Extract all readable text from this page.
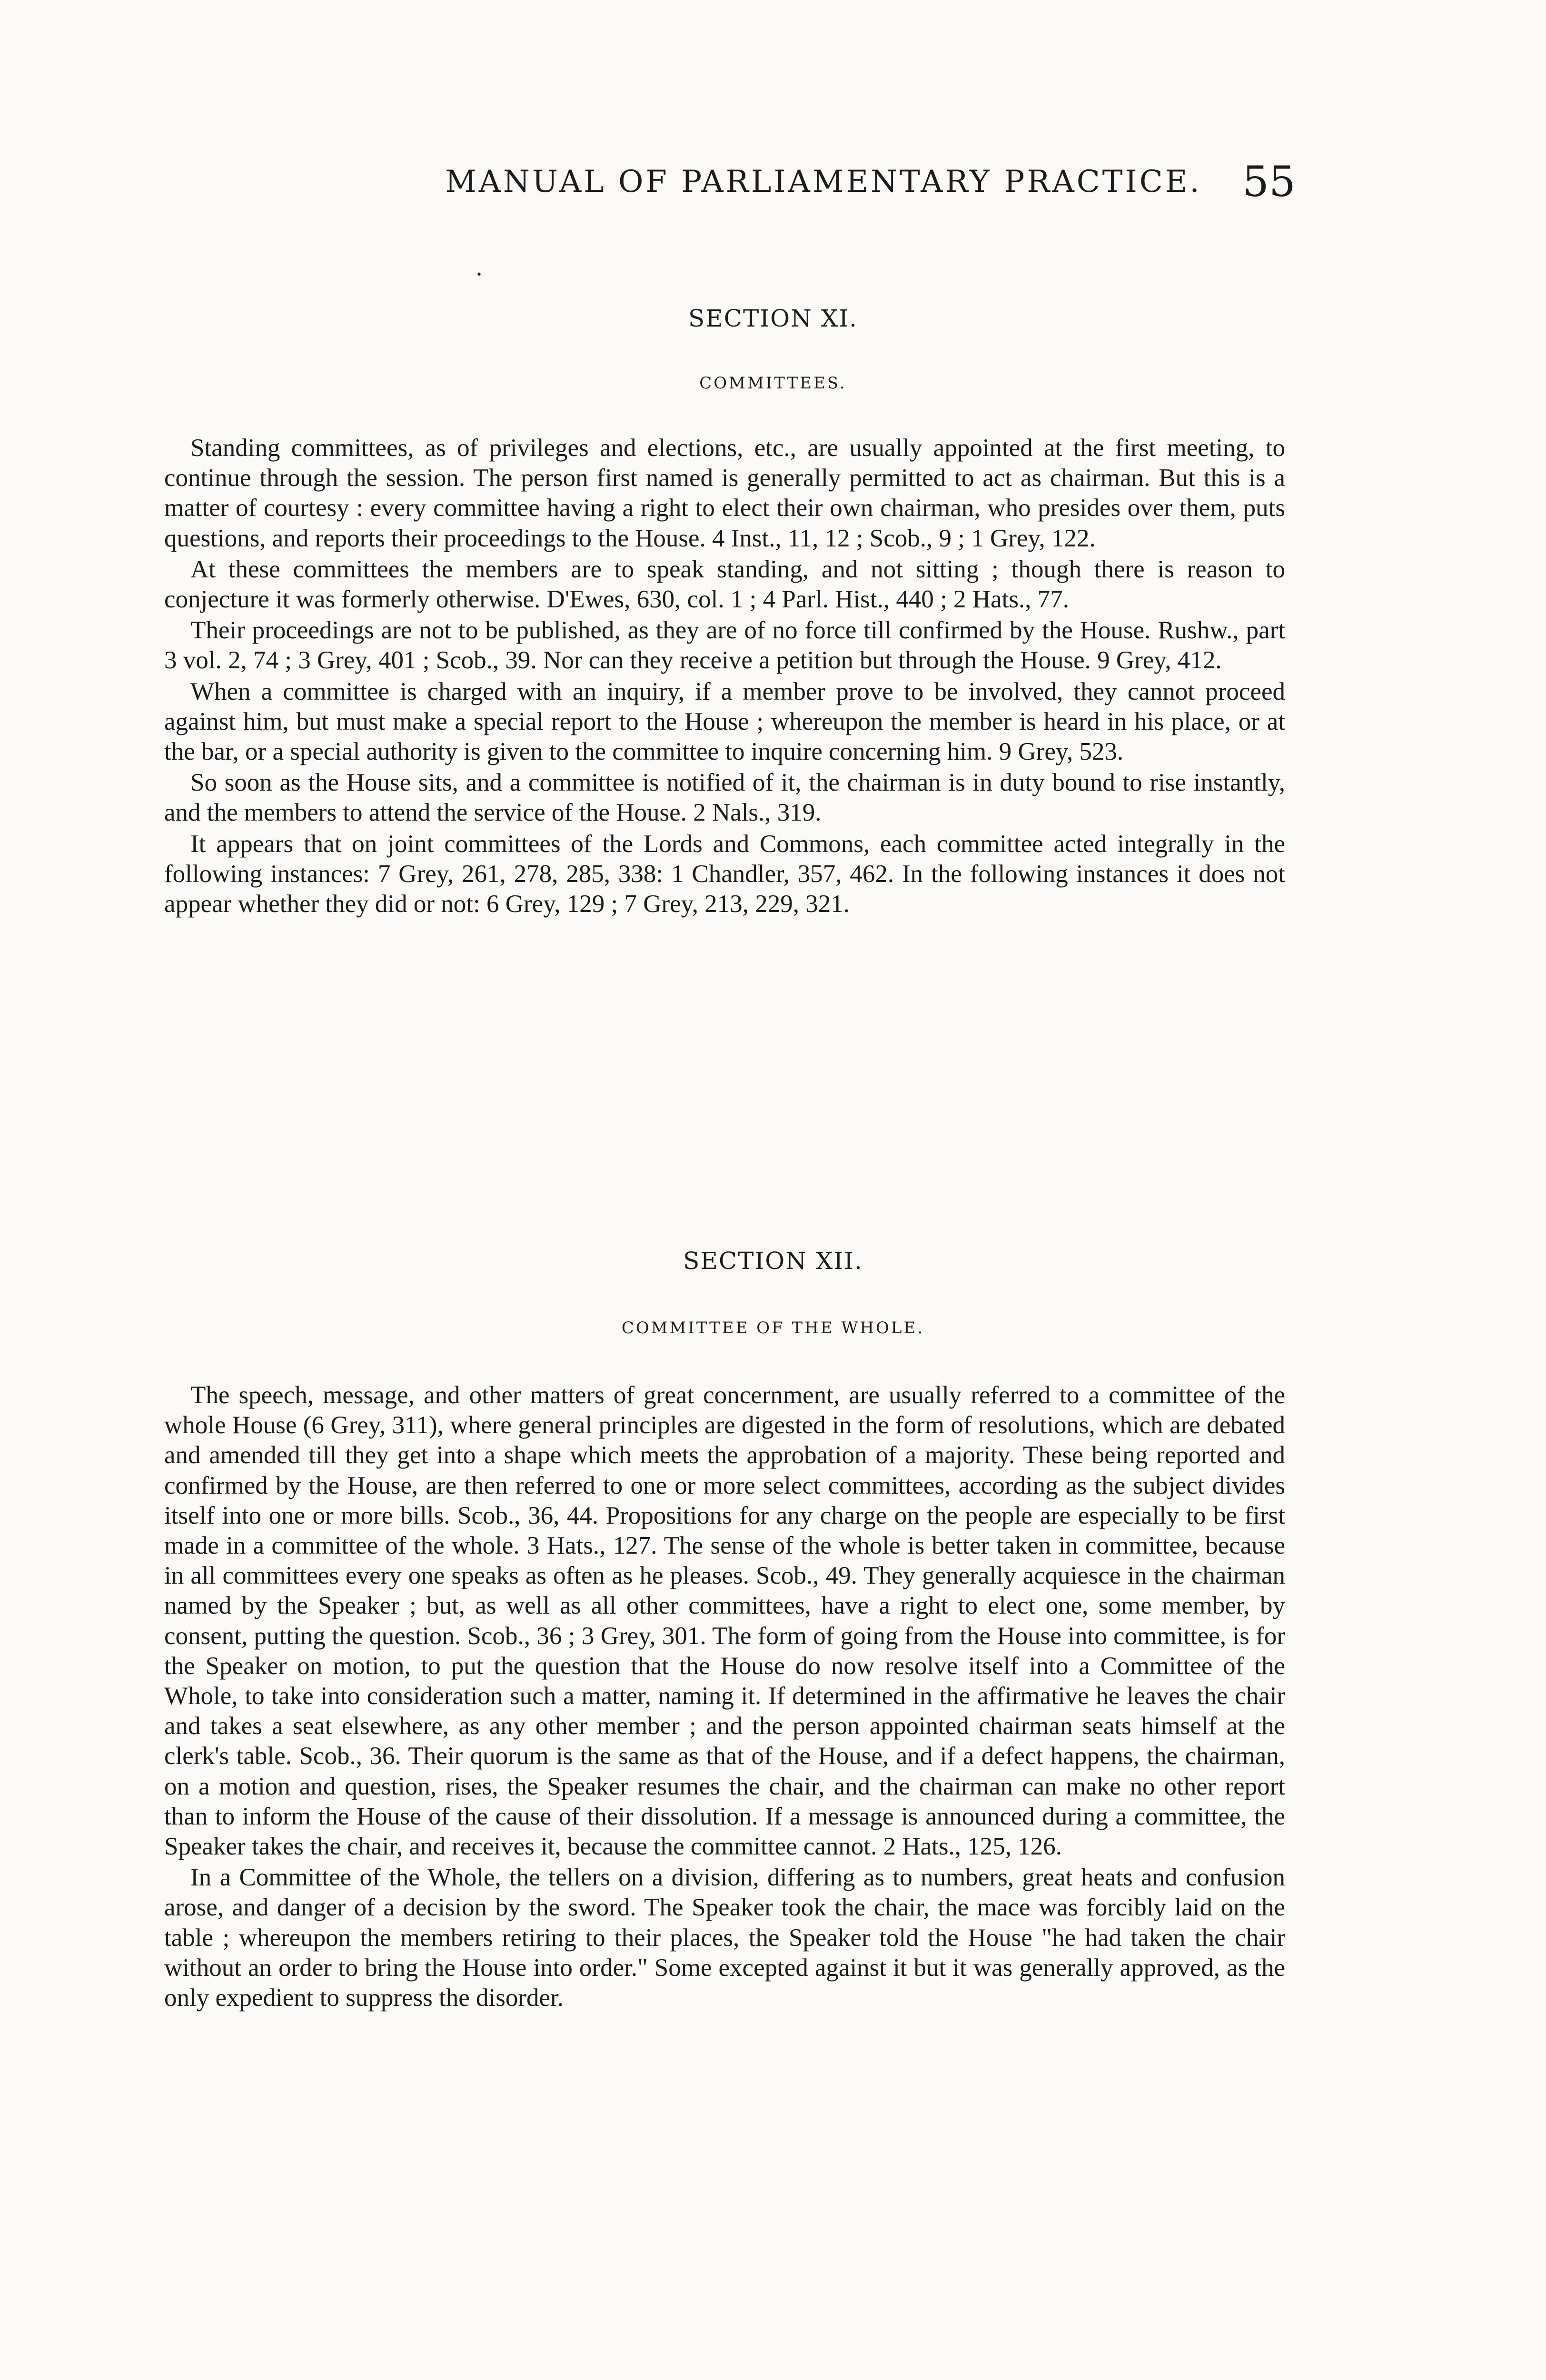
MANUAL OF PARLIAMENTARY PRACTICE. 55
•
SECTION XI.
COMMITTEES.

Standing committees, as of privileges and elections, etc., are usually appointed at the first meeting, to continue through the session. The person first named is generally permitted to act as chairman. But this is a matter of courtesy : every committee having a right to elect their own chairman, who presides over them, puts questions, and reports their proceedings to the House. 4 Inst., 11, 12 ; Scob., 9 ; 1 Grey, 122.

At these committees the members are to speak standing, and not sitting ; though there is reason to conjecture it was formerly otherwise. D'Ewes, 630, col. 1 ; 4 Parl. Hist., 440 ; 2 Hats., 77.

Their proceedings are not to be published, as they are of no force till confirmed by the House. Rushw., part 3 vol. 2, 74 ; 3 Grey, 401 ; Scob., 39. Nor can they receive a petition but through the House. 9 Grey, 412.

When a committee is charged with an inquiry, if a member prove to be involved, they cannot proceed against him, but must make a special report to the House ; whereupon the member is heard in his place, or at the bar, or a special authority is given to the committee to inquire concerning him. 9 Grey, 523.

So soon as the House sits, and a committee is notified of it, the chairman is in duty bound to rise instantly, and the members to attend the service of the House. 2 Nals., 319.

It appears that on joint committees of the Lords and Commons, each committee acted integrally in the following instances: 7 Grey, 261, 278, 285, 338: 1 Chandler, 357, 462. In the following instances it does not appear whether they did or not: 6 Grey, 129 ; 7 Grey, 213, 229, 321.

SECTION XII.
COMMITTEE OF THE WHOLE.

The speech, message, and other matters of great concernment, are usually referred to a committee of the whole House (6 Grey, 311), where general principles are digested in the form of resolutions, which are debated and amended till they get into a shape which meets the approbation of a majority. These being reported and confirmed by the House, are then referred to one or more select committees, according as the subject divides itself into one or more bills. Scob., 36, 44. Propositions for any charge on the people are especially to be first made in a committee of the whole. 3 Hats., 127. The sense of the whole is better taken in committee, because in all committees every one speaks as often as he pleases. Scob., 49. They generally acquiesce in the chairman named by the Speaker ; but, as well as all other committees, have a right to elect one, some member, by consent, putting the question. Scob., 36 ; 3 Grey, 301. The form of going from the House into committee, is for the Speaker on motion, to put the question that the House do now resolve itself into a Committee of the Whole, to take into consideration such a matter, naming it. If determined in the affirmative he leaves the chair and takes a seat elsewhere, as any other member ; and the person appointed chairman seats himself at the clerk's table. Scob., 36. Their quorum is the same as that of the House, and if a defect happens, the chairman, on a motion and question, rises, the Speaker resumes the chair, and the chairman can make no other report than to inform the House of the cause of their dissolution. If a message is announced during a committee, the Speaker takes the chair, and receives it, because the committee cannot. 2 Hats., 125, 126.

In a Committee of the Whole, the tellers on a division, differing as to numbers, great heats and confusion arose, and danger of a decision by the sword. The Speaker took the chair, the mace was forcibly laid on the table ; whereupon the members retiring to their places, the Speaker told the House "he had taken the chair without an order to bring the House into order." Some excepted against it but it was generally approved, as the only expedient to suppress the disorder.
